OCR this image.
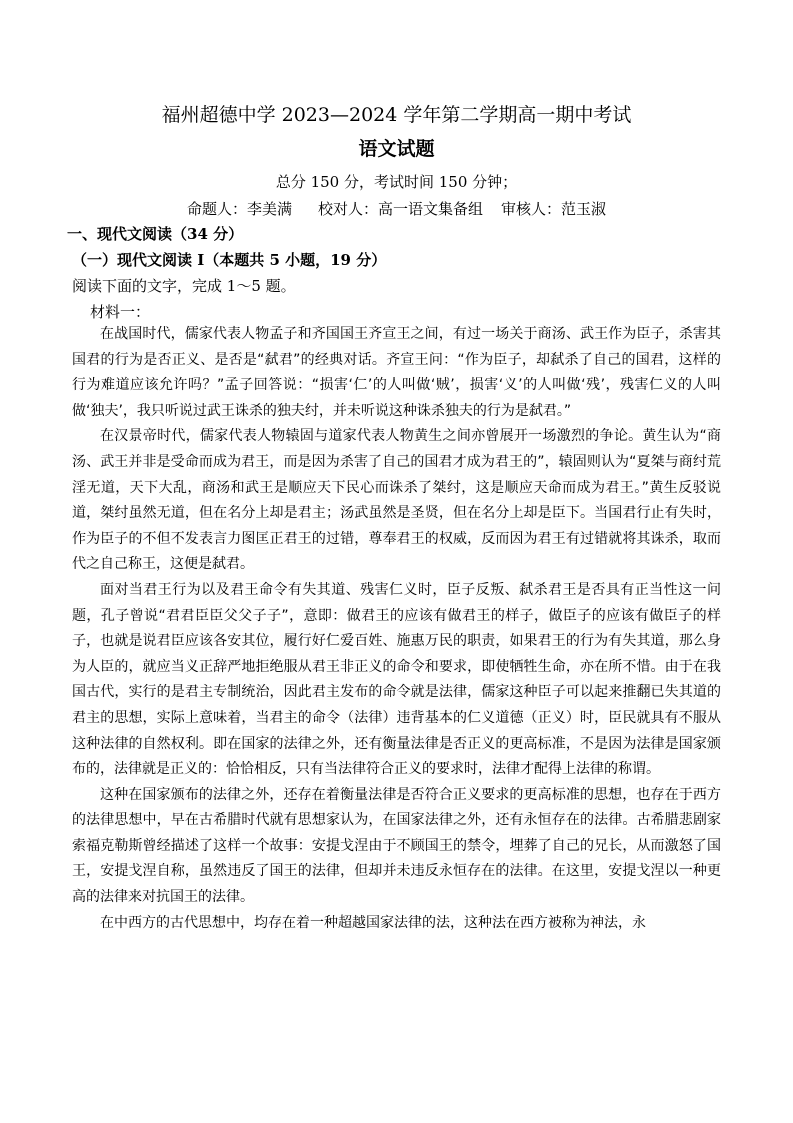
福州超德中学 2023—2024 学年第二学期高一期中考试
语文试题
总分 150 分，考试时间 150 分钟；
命题人：李美满 校对人：高一语文集备组 审核人：范玉淑
一、现代文阅读（34 分）
（一）现代文阅读 I（本题共 5 小题，19 分）
阅读下面的文字，完成 1～5 题。
材料一：

在战国时代，儒家代表人物孟子和齐国国王齐宣王之间，有过一场关于商汤、武王作为臣子，杀害其国君的行为是否正义、是否是“弑君”的经典对话。齐宣王问：“作为臣子，却弑杀了自己的国君，这样的行为难道应该允许吗？”孟子回答说：“损害‘仁’的人叫做‘贼’，损害‘义’的人叫做‘残’，残害仁义的人叫做‘独夫’，我只听说过武王诛杀的独夫纣，并未听说这种诛杀独夫的行为是弑君。”

在汉景帝时代，儒家代表人物辕固与道家代表人物黄生之间亦曾展开一场激烈的争论。黄生认为“商汤、武王并非是受命而成为君王，而是因为杀害了自己的国君才成为君王的”，辕固则认为“夏桀与商纣荒淫无道，天下大乱，商汤和武王是顺应天下民心而诛杀了桀纣，这是顺应天命而成为君王。”黄生反驳说道，桀纣虽然无道，但在名分上却是君主；汤武虽然是圣贤，但在名分上却是臣下。当国君行止有失时，作为臣子的不但不发表言力图匡正君王的过错，尊奉君王的权威，反而因为君王有过错就将其诛杀，取而代之自己称王，这便是弑君。

面对当君王行为以及君王命令有失其道、残害仁义时，臣子反叛、弑杀君王是否具有正当性这一问题，孔子曾说“君君臣臣父父子子”，意即：做君王的应该有做君王的样子，做臣子的应该有做臣子的样子，也就是说君臣应该各安其位，履行好仁爱百姓、施惠万民的职责，如果君王的行为有失其道，那么身为人臣的，就应当义正辞严地拒绝服从君王非正义的命令和要求，即使牺牲生命，亦在所不惜。由于在我国古代，实行的是君主专制统治，因此君主发布的命令就是法律，儒家这种臣子可以起来推翻已失其道的君主的思想，实际上意味着，当君主的命令（法律）违背基本的仁义道德（正义）时，臣民就具有不服从这种法律的自然权利。即在国家的法律之外，还有衡量法律是否正义的更高标准，不是因为法律是国家颁布的，法律就是正义的：恰恰相反，只有当法律符合正义的要求时，法律才配得上法律的称谓。

这种在国家颁布的法律之外，还存在着衡量法律是否符合正义要求的更高标准的思想，也存在于西方的法律思想中，早在古希腊时代就有思想家认为，在国家法律之外，还有永恒存在的法律。古希腊悲剧家索福克勒斯曾经描述了这样一个故事：安提戈涅由于不顾国王的禁令，埋葬了自己的兄长，从而激怒了国王，安提戈涅自称，虽然违反了国王的法律，但却并未违反永恒存在的法律。在这里，安提戈涅以一种更高的法律来对抗国王的法律。

在中西方的古代思想中，均存在着一种超越国家法律的法，这种法在西方被称为神法，永
